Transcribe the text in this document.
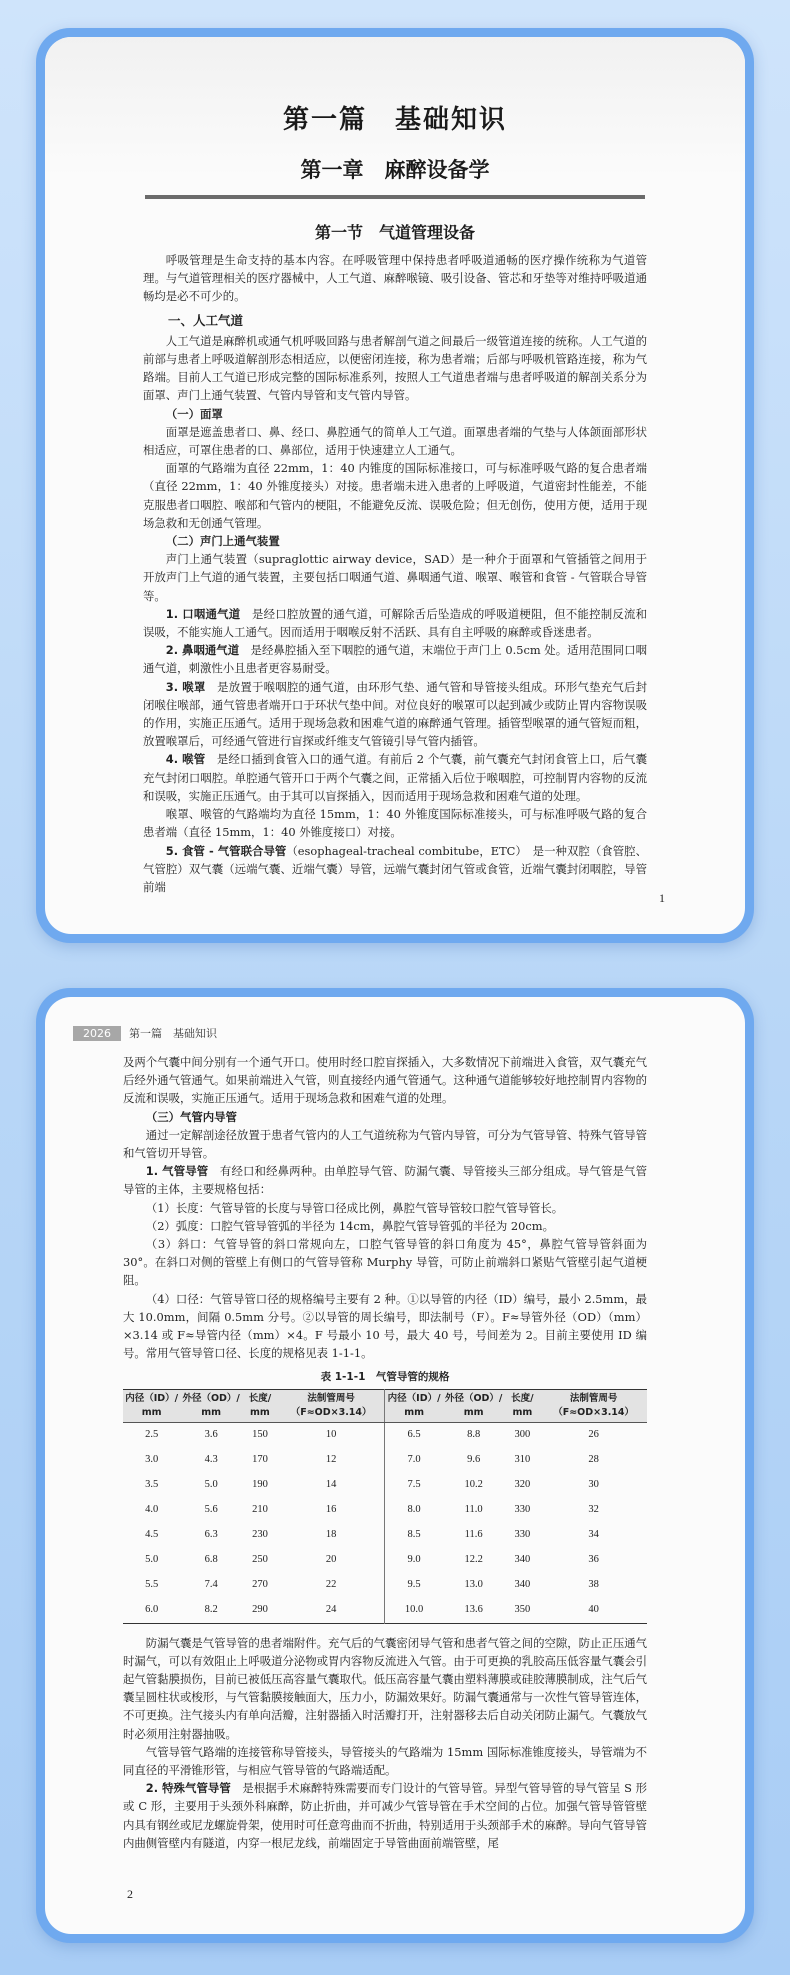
第一篇　基础知识
第一章　麻醉设备学
第一节　气道管理设备

呼吸管理是生命支持的基本内容。在呼吸管理中保持患者呼吸道通畅的医疗操作统称为气道管理。与气道管理相关的医疗器械中，人工气道、麻醉喉镜、吸引设备、管芯和牙垫等对维持呼吸道通畅均是必不可少的。

一、人工气道

人工气道是麻醉机或通气机呼吸回路与患者解剖气道之间最后一级管道连接的统称。人工气道的前部与患者上呼吸道解剖形态相适应，以便密闭连接，称为患者端；后部与呼吸机管路连接，称为气路端。目前人工气道已形成完整的国际标准系列，按照人工气道患者端与患者呼吸道的解剖关系分为面罩、声门上通气装置、气管内导管和支气管内导管。

（一）面罩

面罩是遮盖患者口、鼻、经口、鼻腔通气的简单人工气道。面罩患者端的气垫与人体颌面部形状相适应，可罩住患者的口、鼻部位，适用于快速建立人工通气。

面罩的气路端为直径 22mm，1：40 内锥度的国际标准接口，可与标准呼吸气路的复合患者端（直径 22mm，1：40 外锥度接头）对接。患者端未进入患者的上呼吸道，气道密封性能差，不能克服患者口咽腔、喉部和气管内的梗阻，不能避免反流、误吸危险；但无创伤，使用方便，适用于现场急救和无创通气管理。

（二）声门上通气装置

声门上通气装置（supraglottic airway device，SAD）是一种介于面罩和气管插管之间用于开放声门上气道的通气装置，主要包括口咽通气道、鼻咽通气道、喉罩、喉管和食管 - 气管联合导管等。

1. 口咽通气道　 是经口腔放置的通气道，可解除舌后坠造成的呼吸道梗阻，但不能控制反流和误吸，不能实施人工通气。因而适用于咽喉反射不活跃、具有自主呼吸的麻醉或昏迷患者。

2. 鼻咽通气道　 是经鼻腔插入至下咽腔的通气道，末端位于声门上 0.5cm 处。适用范围同口咽通气道，刺激性小且患者更容易耐受。

3. 喉罩　 是放置于喉咽腔的通气道，由环形气垫、通气管和导管接头组成。环形气垫充气后封闭喉住喉部，通气管患者端开口于环状气垫中间。对位良好的喉罩可以起到减少或防止胃内容物误吸的作用，实施正压通气。适用于现场急救和困难气道的麻醉通气管理。插管型喉罩的通气管短而粗，放置喉罩后，可经通气管进行盲探或纤维支气管镜引导气管内插管。

4. 喉管　 是经口插到食管入口的通气道。有前后 2 个气囊，前气囊充气封闭食管上口，后气囊充气封闭口咽腔。单腔通气管开口于两个气囊之间，正常插入后位于喉咽腔，可控制胃内容物的反流和误吸，实施正压通气。由于其可以盲探插入，因而适用于现场急救和困难气道的处理。

喉罩、喉管的气路端均为直径 15mm，1：40 外锥度国际标准接头，可与标准呼吸气路的复合患者端（直径 15mm，1：40 外锥度接口）对接。

5. 食管 - 气管联合导管（esophageal-tracheal combitube，ETC）　是一种双腔（食管腔、气管腔）双气囊（远端气囊、近端气囊）导管，远端气囊封闭气管或食管，近端气囊封闭咽腔，导管前端

1
2026	第一篇　基础知识

及两个气囊中间分别有一个通气开口。使用时经口腔盲探插入，大多数情况下前端进入食管，双气囊充气后经外通气管通气。如果前端进入气管，则直接经内通气管通气。这种通气道能够较好地控制胃内容物的反流和误吸，实施正压通气。适用于现场急救和困难气道的处理。

（三）气管内导管

通过一定解剖途径放置于患者气管内的人工气道统称为气管内导管，可分为气管导管、特殊气管导管和气管切开导管。

1. 气管导管　 有经口和经鼻两种。由单腔导气管、防漏气囊、导管接头三部分组成。导气管是气管导管的主体，主要规格包括：

（1）长度：气管导管的长度与导管口径成比例，鼻腔气管导管较口腔气管导管长。

（2）弧度：口腔气管导管弧的半径为 14cm，鼻腔气管导管弧的半径为 20cm。

（3）斜口：气管导管的斜口常规向左，口腔气管导管的斜口角度为 45°，鼻腔气管导管斜面为 30°。在斜口对侧的管壁上有侧口的气管导管称 Murphy 导管，可防止前端斜口紧贴气管壁引起气道梗阻。

（4）口径：气管导管口径的规格编号主要有 2 种。①以导管的内径（ID）编号，最小 2.5mm，最大 10.0mm，间隔 0.5mm 分号。②以导管的周长编号，即法制号（F）。F≈导管外径（OD）（mm）×3.14 或 F≈导管内径（mm）×4。F 号最小 10 号，最大 40 号，号间差为 2。目前主要使用 ID 编号。常用气管导管口径、长度的规格见表 1-1-1。

表 1-1-1　气管导管的规格
内径（ID）/ mm	外径（OD）/ mm	长度/ mm	法制管周号（F≈OD×3.14）	内径（ID）/ mm	外径（OD）/ mm	长度/ mm	法制管周号（F≈OD×3.14）
2.5	3.6	150	10	6.5	8.8	300	26
3.0	4.3	170	12	7.0	9.6	310	28
3.5	5.0	190	14	7.5	10.2	320	30
4.0	5.6	210	16	8.0	11.0	330	32
4.5	6.3	230	18	8.5	11.6	330	34
5.0	6.8	250	20	9.0	12.2	340	36
5.5	7.4	270	22	9.5	13.0	340	38
6.0	8.2	290	24	10.0	13.6	350	40

防漏气囊是气管导管的患者端附件。充气后的气囊密闭导气管和患者气管之间的空隙，防止正压通气时漏气，可以有效阻止上呼吸道分泌物或胃内容物反流进入气管。由于可更换的乳胶高压低容量气囊会引起气管黏膜损伤，目前已被低压高容量气囊取代。低压高容量气囊由塑料薄膜或硅胶薄膜制成，注气后气囊呈圆柱状或梭形，与气管黏膜接触面大，压力小，防漏效果好。防漏气囊通常与一次性气管导管连体，不可更换。注气接头内有单向活瓣，注射器插入时活瓣打开，注射器移去后自动关闭防止漏气。气囊放气时必须用注射器抽吸。

气管导管气路端的连接管称导管接头，导管接头的气路端为 15mm 国际标准锥度接头，导管端为不同直径的平滑锥形管，与相应气管导管的气路端适配。

2. 特殊气管导管　 是根据手术麻醉特殊需要而专门设计的气管导管。异型气管导管的导气管呈 S 形或 C 形，主要用于头颈外科麻醉，防止折曲，并可减少气管导管在手术空间的占位。加强气管导管管壁内具有钢丝或尼龙螺旋骨架，使用时可任意弯曲而不折曲，特别适用于头颈部手术的麻醉。导向气管导管内曲侧管壁内有隧道，内穿一根尼龙线，前端固定于导管曲面前端管壁，尾

2
